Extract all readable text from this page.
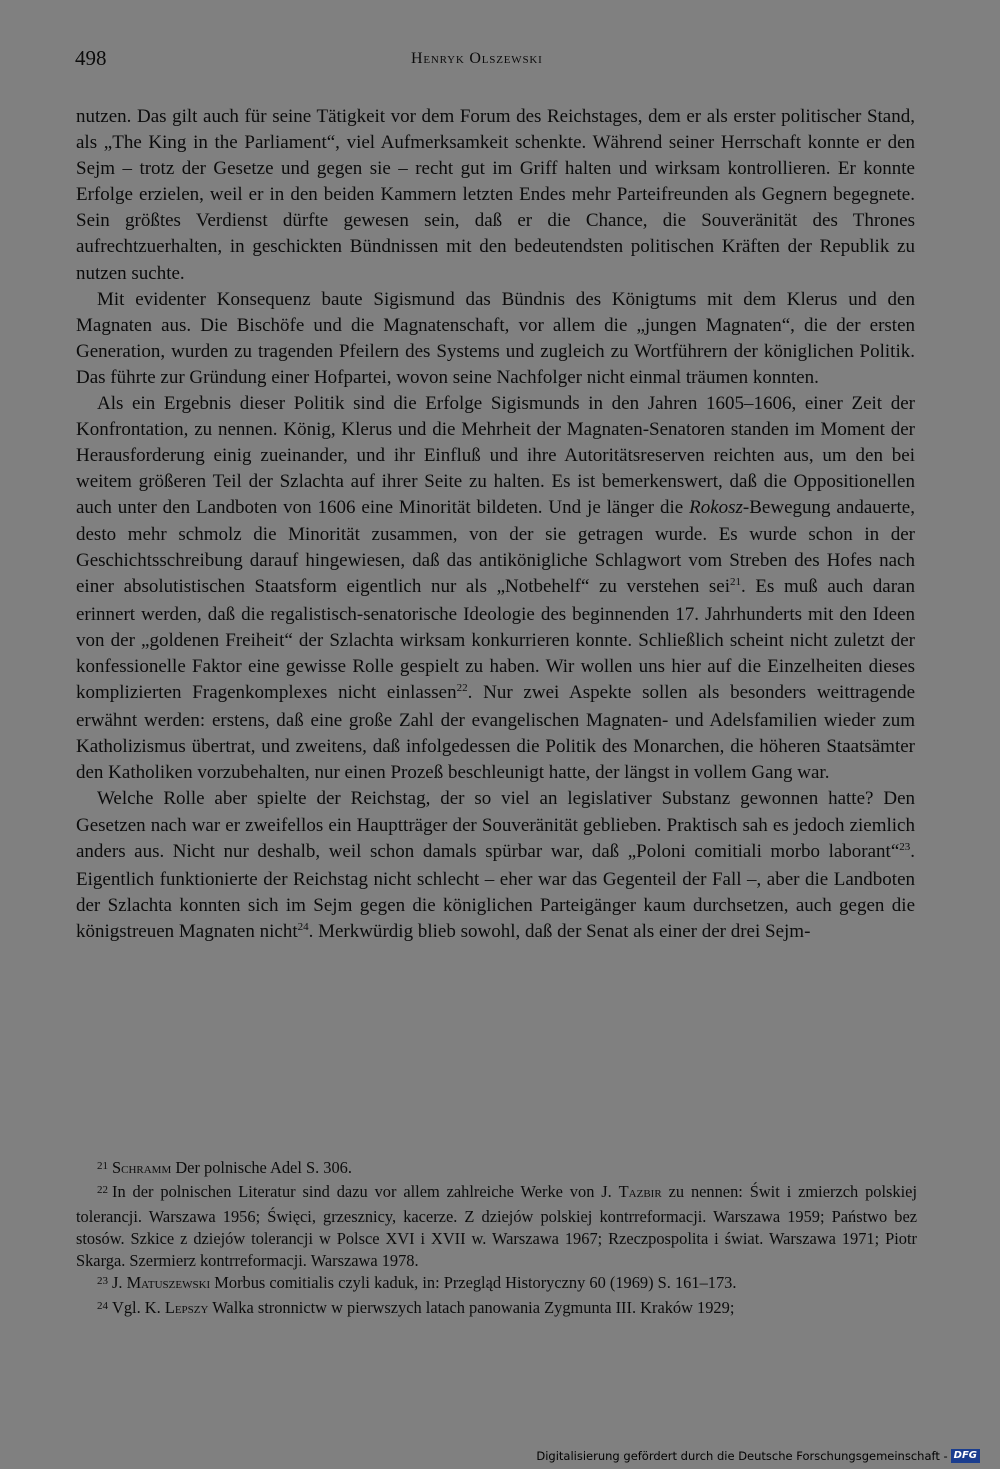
498	Henryk Olszewski

nutzen. Das gilt auch für seine Tätigkeit vor dem Forum des Reichstages, dem er als erster politischer Stand, als „The King in the Parliament“, viel Aufmerksamkeit schenkte. Während seiner Herrschaft konnte er den Sejm – trotz der Gesetze und gegen sie – recht gut im Griff halten und wirksam kontrollieren. Er konnte Erfolge erzielen, weil er in den beiden Kammern letzten Endes mehr Parteifreunden als Gegnern begegnete. Sein größtes Verdienst dürfte gewesen sein, daß er die Chance, die Souveränität des Thrones aufrechtzuerhalten, in geschickten Bündnissen mit den bedeutendsten politischen Kräften der Republik zu nutzen suchte.

Mit evidenter Konsequenz baute Sigismund das Bündnis des Königtums mit dem Klerus und den Magnaten aus. Die Bischöfe und die Magnatenschaft, vor allem die „jungen Magnaten“, die der ersten Generation, wurden zu tragenden Pfeilern des Systems und zugleich zu Wortführern der königlichen Politik. Das führte zur Gründung einer Hofpartei, wovon seine Nachfolger nicht einmal träumen konnten.

Als ein Ergebnis dieser Politik sind die Erfolge Sigismunds in den Jahren 1605–1606, einer Zeit der Konfrontation, zu nennen. König, Klerus und die Mehrheit der Magnaten-Senatoren standen im Moment der Herausforderung einig zueinander, und ihr Einfluß und ihre Autoritätsreserven reichten aus, um den bei weitem größeren Teil der Szlachta auf ihrer Seite zu halten. Es ist bemerkenswert, daß die Oppositionellen auch unter den Landboten von 1606 eine Minorität bildeten. Und je länger die Rokosz-Bewegung andauerte, desto mehr schmolz die Minorität zusammen, von der sie getragen wurde. Es wurde schon in der Geschichtsschreibung darauf hingewiesen, daß das antikönigliche Schlagwort vom Streben des Hofes nach einer absolutistischen Staatsform eigentlich nur als „Notbehelf“ zu verstehen sei$^{21}$. Es muß auch daran erinnert werden, daß die regalistisch-senatorische Ideologie des beginnenden 17. Jahrhunderts mit den Ideen von der „goldenen Freiheit“ der Szlachta wirksam konkurrieren konnte. Schließlich scheint nicht zuletzt der konfessionelle Faktor eine gewisse Rolle gespielt zu haben. Wir wollen uns hier auf die Einzelheiten dieses komplizierten Fragenkomplexes nicht einlassen$^{22}$. Nur zwei Aspekte sollen als besonders weittragende erwähnt werden: erstens, daß eine große Zahl der evangelischen Magnaten- und Adelsfamilien wieder zum Katholizismus übertrat, und zweitens, daß infolgedessen die Politik des Monarchen, die höheren Staatsämter den Katholiken vorzubehalten, nur einen Prozeß beschleunigt hatte, der längst in vollem Gang war.

Welche Rolle aber spielte der Reichstag, der so viel an legislativer Substanz gewonnen hatte? Den Gesetzen nach war er zweifellos ein Hauptträger der Souveränität geblieben. Praktisch sah es jedoch ziemlich anders aus. Nicht nur deshalb, weil schon damals spürbar war, daß „Poloni comitiali morbo laborant“$^{23}$. Eigentlich funktionierte der Reichstag nicht schlecht – eher war das Gegenteil der Fall –, aber die Landboten der Szlachta konnten sich im Sejm gegen die königlichen Parteigänger kaum durchsetzen, auch gegen die königstreuen Magnaten nicht$^{24}$. Merkwürdig blieb sowohl, daß der Senat als einer der drei Sejm-

$^{21}$ Schramm Der polnische Adel S. 306.

$^{22}$ In der polnischen Literatur sind dazu vor allem zahlreiche Werke von J. Tazbir zu nennen: Świt i zmierzch polskiej tolerancji. Warszawa 1956; Święci, grzesznicy, kacerze. Z dziejów polskiej kontrreformacji. Warszawa 1959; Państwo bez stosów. Szkice z dziejów tolerancji w Polsce XVI i XVII w. Warszawa 1967; Rzeczpospolita i świat. Warszawa 1971; Piotr Skarga. Szermierz kontrreformacji. Warszawa 1978.

$^{23}$ J. Matuszewski Morbus comitialis czyli kaduk, in: Przegląd Historyczny 60 (1969) S. 161–173.

$^{24}$ Vgl. K. Lepszy Walka stronnictw w pierwszych latach panowania Zygmunta III. Kraków 1929;

Digitalisierung gefördert durch die Deutsche Forschungsgemeinschaft - DFG
